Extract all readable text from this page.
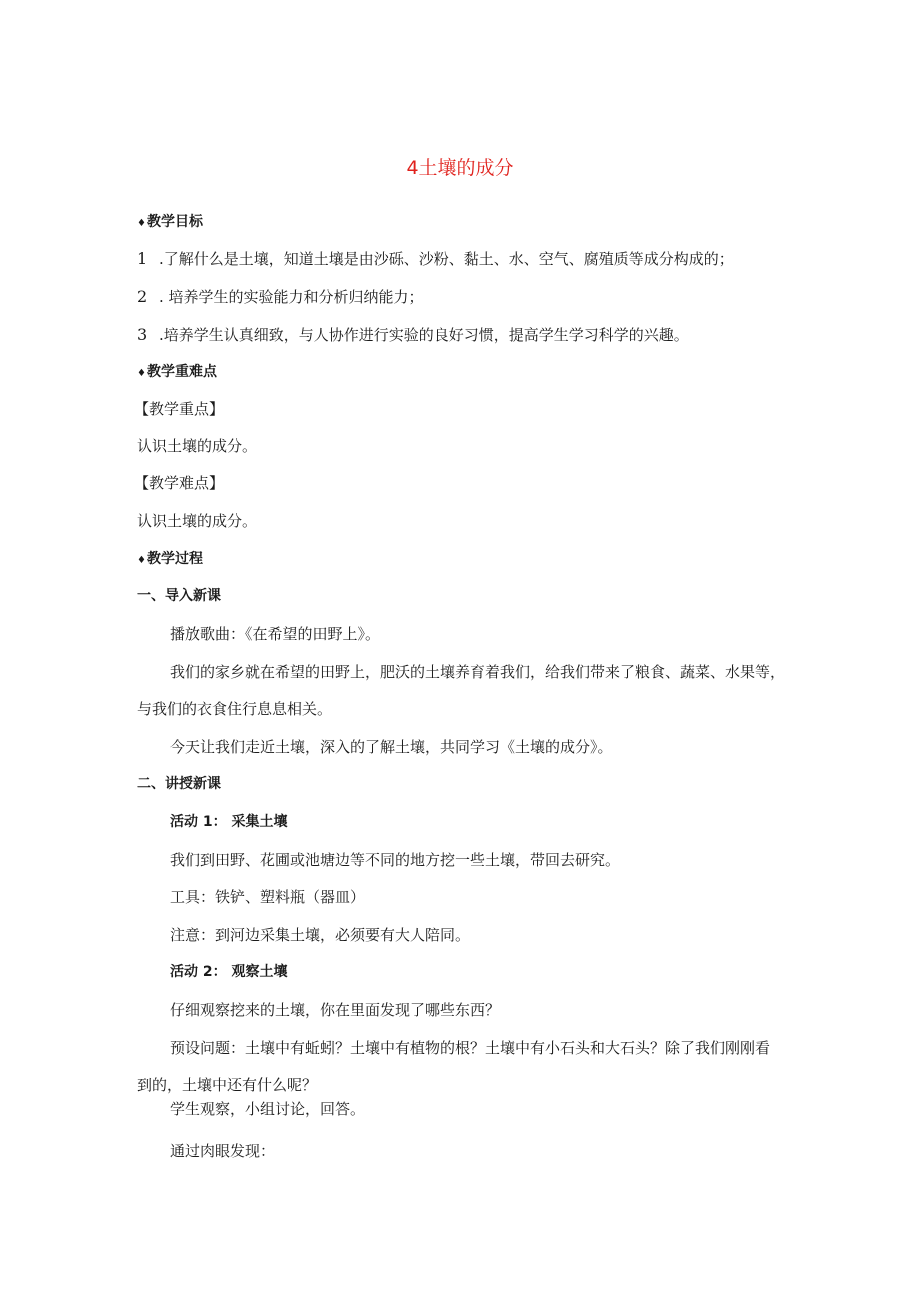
4土壤的成分
♦教学目标
1 .了解什么是土壤，知道土壤是由沙砾、沙粉、黏土、水、空气、腐殖质等成分构成的；
2 . 培养学生的实验能力和分析归纳能力；
3 .培养学生认真细致，与人协作进行实验的良好习惯，提高学生学习科学的兴趣。
♦教学重难点
【教学重点】
认识土壤的成分。
【教学难点】
认识土壤的成分。
♦教学过程
一、导入新课
播放歌曲：《在希望的田野上》。
我们的家乡就在希望的田野上，肥沃的土壤养育着我们，给我们带来了粮食、蔬菜、水果等，
与我们的衣食住行息息相关。
今天让我们走近土壤，深入的了解土壤，共同学习《土壤的成分》。
二、讲授新课
活动 1： 采集土壤
我们到田野、花圃或池塘边等不同的地方挖一些土壤，带回去研究。
工具：铁铲、塑料瓶（器皿）
注意：到河边采集土壤，必须要有大人陪同。
活动 2： 观察土壤
仔细观察挖来的土壤，你在里面发现了哪些东西？
预设问题：土壤中有蚯蚓？土壤中有植物的根？土壤中有小石头和大石头？除了我们刚刚看
到的，土壤中还有什么呢？
学生观察，小组讨论，回答。
通过肉眼发现：
